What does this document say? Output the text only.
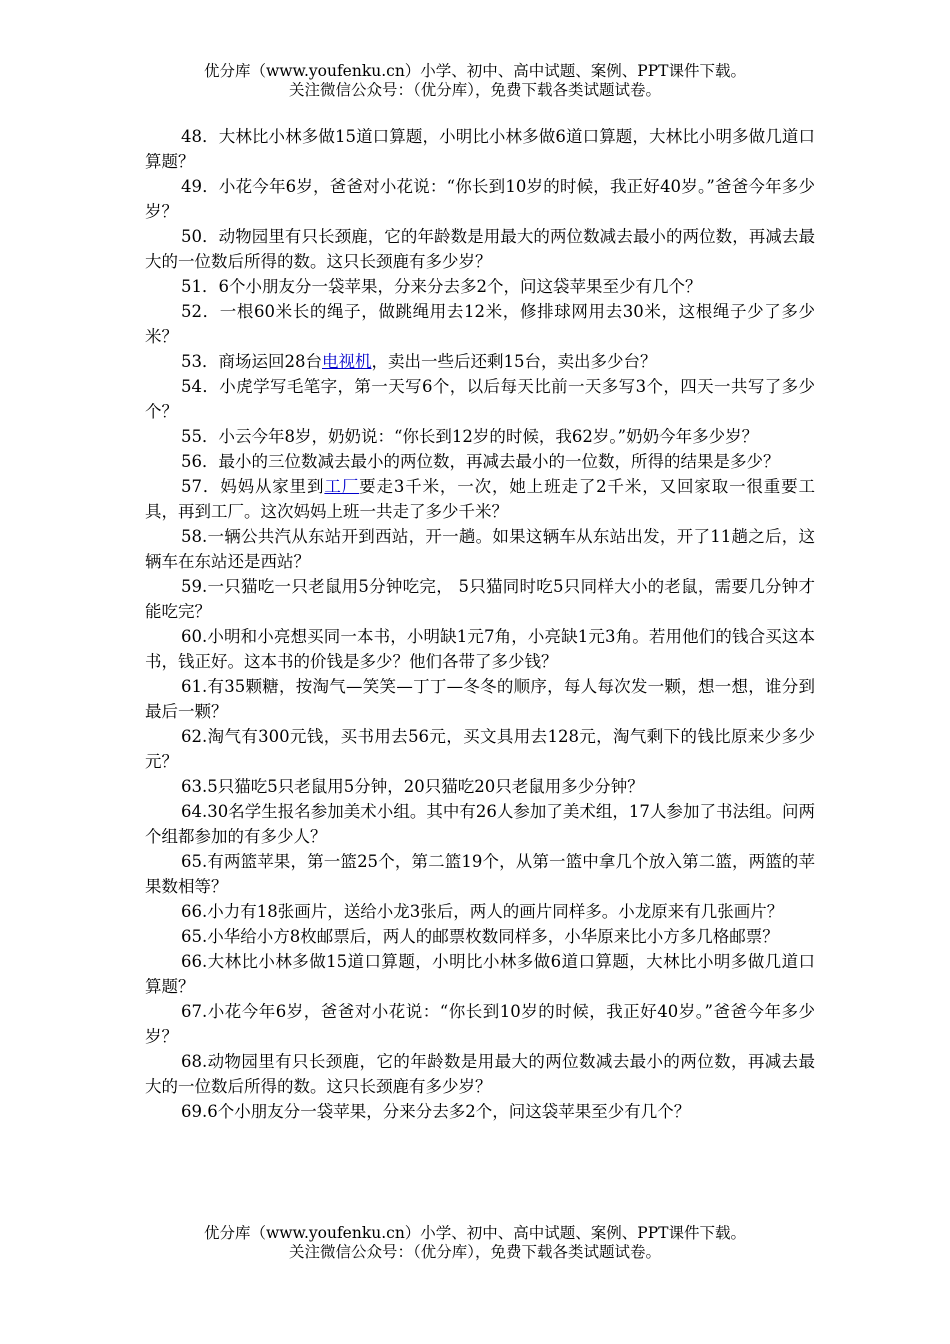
优分库（www.youfenku.cn）小学、初中、高中试题、案例、PPT课件下载。
关注微信公众号：（优分库），免费下载各类试题试卷。

48．大林比小林多做15道口算题，小明比小林多做6道口算题，大林比小明多做几道口算题？

49．小花今年6岁，爸爸对小花说：“你长到10岁的时候，我正好40岁。”爸爸今年多少岁？

50．动物园里有只长颈鹿，它的年龄数是用最大的两位数减去最小的两位数，再减去最大的一位数后所得的数。这只长颈鹿有多少岁？

51．6个小朋友分一袋苹果，分来分去多2个，问这袋苹果至少有几个？

52．一根60米长的绳子，做跳绳用去12米，修排球网用去30米，这根绳子少了多少米？

53．商场运回28台电视机，卖出一些后还剩15台，卖出多少台？

54．小虎学写毛笔字，第一天写6个，以后每天比前一天多写3个，四天一共写了多少个？

55．小云今年8岁，奶奶说：“你长到12岁的时候，我62岁。”奶奶今年多少岁？

56．最小的三位数减去最小的两位数，再减去最小的一位数，所得的结果是多少？

57．妈妈从家里到工厂要走3千米，一次，她上班走了2千米，又回家取一很重要工具，再到工厂。这次妈妈上班一共走了多少千米？

58.一辆公共汽从东站开到西站，开一趟。如果这辆车从东站出发，开了11趟之后，这辆车在东站还是西站？

59.一只猫吃一只老鼠用5分钟吃完， 5只猫同时吃5只同样大小的老鼠，需要几分钟才能吃完？

60.小明和小亮想买同一本书，小明缺1元7角，小亮缺1元3角。若用他们的钱合买这本书，钱正好。这本书的价钱是多少？他们各带了多少钱？

61.有35颗糖，按淘气—笑笑—丁丁—冬冬的顺序，每人每次发一颗，想一想，谁分到最后一颗？

62.淘气有300元钱，买书用去56元，买文具用去128元，淘气剩下的钱比原来少多少元？

63.5只猫吃5只老鼠用5分钟，20只猫吃20只老鼠用多少分钟？

64.30名学生报名参加美术小组。其中有26人参加了美术组，17人参加了书法组。问两个组都参加的有多少人？

65.有两篮苹果，第一篮25个，第二篮19个，从第一篮中拿几个放入第二篮，两篮的苹果数相等？

66.小力有18张画片，送给小龙3张后，两人的画片同样多。小龙原来有几张画片？

65.小华给小方8枚邮票后，两人的邮票枚数同样多，小华原来比小方多几格邮票？

66.大林比小林多做15道口算题，小明比小林多做6道口算题，大林比小明多做几道口算题？

67.小花今年6岁，爸爸对小花说：“你长到10岁的时候，我正好40岁。”爸爸今年多少岁？

68.动物园里有只长颈鹿，它的年龄数是用最大的两位数减去最小的两位数，再减去最大的一位数后所得的数。这只长颈鹿有多少岁？

69.6个小朋友分一袋苹果，分来分去多2个，问这袋苹果至少有几个？

优分库（www.youfenku.cn）小学、初中、高中试题、案例、PPT课件下载。
关注微信公众号：（优分库），免费下载各类试题试卷。
